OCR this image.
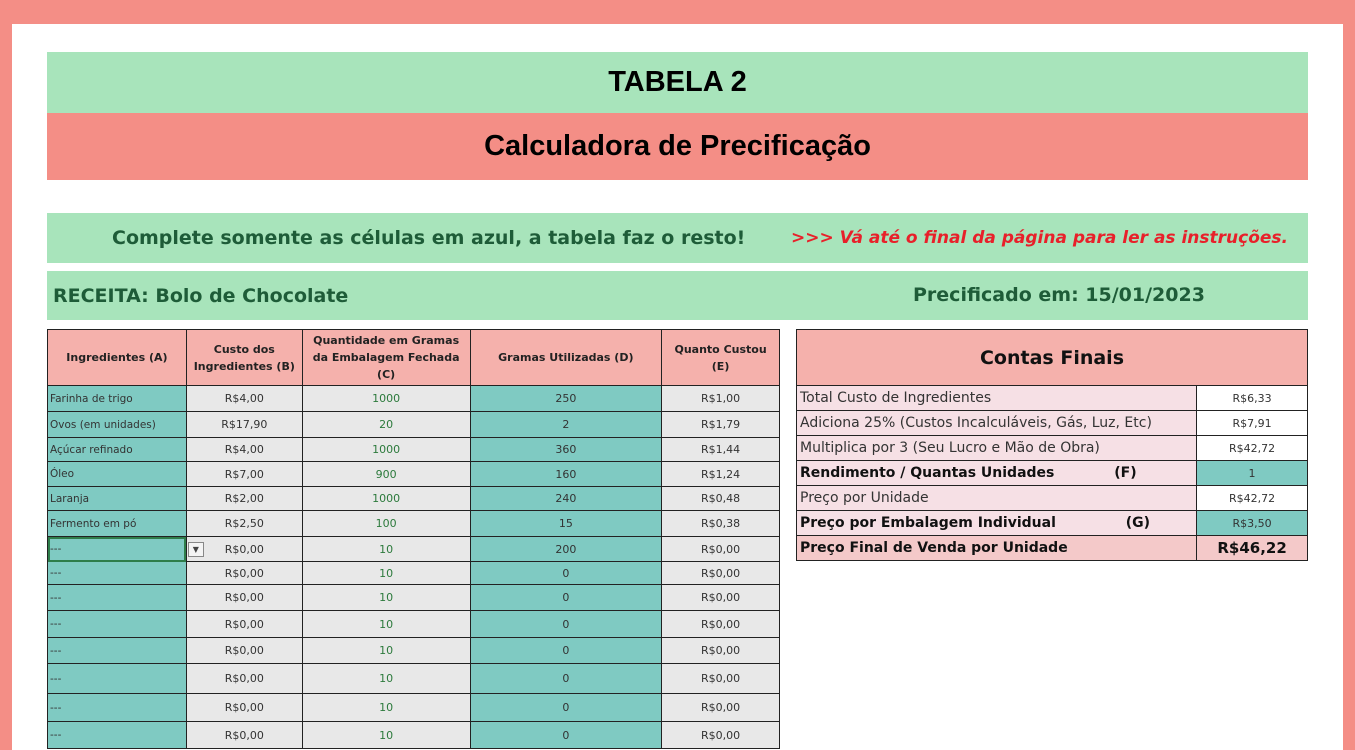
TABELA 2
Calculadora de Precificação
Complete somente as células em azul, a tabela faz o resto!	>>> Vá até o final da página para ler as instruções.
RECEITA: Bolo de Chocolate	Precificado em: 15/01/2023
Ingredientes (A)	Custo dos Ingredientes (B)	Quantidade em Gramas da Embalagem Fechada (C)	Gramas Utilizadas (D)	Quanto Custou (E)
Farinha de trigo	R$4,00	1000	250	R$1,00
Ovos (em unidades)	R$17,90	20	2	R$1,79
Açúcar refinado	R$4,00	1000	360	R$1,44
Óleo	R$7,00	900	160	R$1,24
Laranja	R$2,00	1000	240	R$0,48
Fermento em pó	R$2,50	100	15	R$0,38
--- ▼	R$0,00	10	200	R$0,00
---	R$0,00	10	0	R$0,00
---	R$0,00	10	0	R$0,00
---	R$0,00	10	0	R$0,00
---	R$0,00	10	0	R$0,00
---	R$0,00	10	0	R$0,00
---	R$0,00	10	0	R$0,00
---	R$0,00	10	0	R$0,00
Contas Finais	
Total Custo de Ingredientes	R$6,33
Adiciona 25% (Custos Incalculáveis, Gás, Luz, Etc)	R$7,91
Multiplica por 3 (Seu Lucro e Mão de Obra)	R$42,72
Rendimento / Quantas Unidades (F)	1
Preço por Unidade	R$42,72
Preço por Embalagem Individual (G)	R$3,50
Preço Final de Venda por Unidade	R$46,22
